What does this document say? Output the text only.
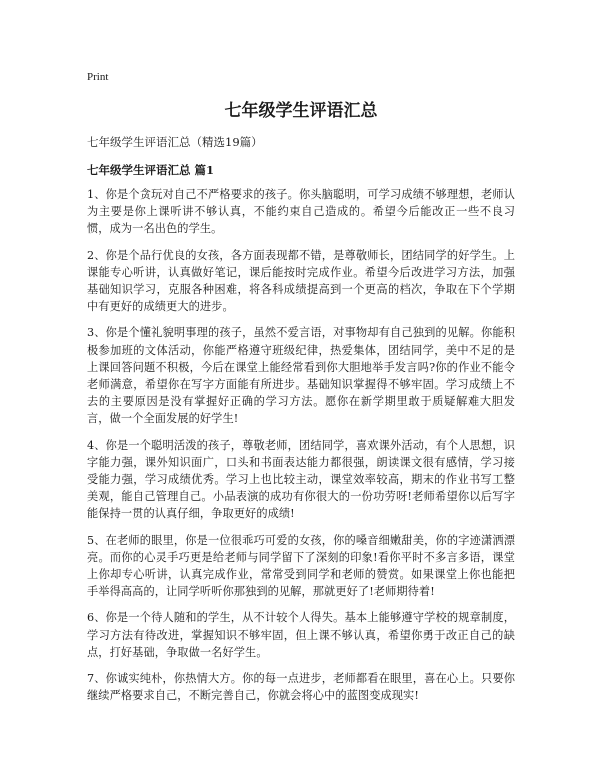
Print

七年级学生评语汇总

七年级学生评语汇总（精选19篇）

七年级学生评语汇总 篇1

1、你是个贪玩对自己不严格要求的孩子。你头脑聪明，可学习成绩不够理想，老师认为主要是你上课听讲不够认真，不能约束自己造成的。希望今后能改正一些不良习惯，成为一名出色的学生。

2、你是个品行优良的女孩，各方面表现都不错，是尊敬师长，团结同学的好学生。上课能专心听讲，认真做好笔记，课后能按时完成作业。希望今后改进学习方法，加强基础知识学习，克服各种困难，将各科成绩提高到一个更高的档次，争取在下个学期中有更好的成绩更大的进步。

3、你是个懂礼貌明事理的孩子，虽然不爱言语，对事物却有自己独到的见解。你能积极参加班的文体活动，你能严格遵守班级纪律，热爱集体，团结同学，美中不足的是上课回答问题不积极，今后在课堂上能经常看到你大胆地举手发言吗?你的作业不能令老师满意，希望你在写字方面能有所进步。基础知识掌握得不够牢固。学习成绩上不去的主要原因是没有掌握好正确的学习方法。愿你在新学期里敢于质疑解难大胆发言，做一个全面发展的好学生!

4、你是一个聪明活泼的孩子，尊敬老师，团结同学，喜欢课外活动，有个人思想，识字能力强，课外知识面广，口头和书面表达能力都很强，朗读课文很有感情，学习接受能力强，学习成绩优秀。学习上也比较主动，课堂效率较高，期末的作业书写工整美观，能自己管理自己。小品表演的成功有你很大的一份功劳呀!老师希望你以后写字能保持一贯的认真仔细，争取更好的成绩!

5、在老师的眼里，你是一位很乖巧可爱的女孩，你的嗓音细嫩甜美，你的字迹潇洒漂亮。而你的心灵手巧更是给老师与同学留下了深刻的印象!看你平时不多言多语，课堂上你却专心听讲，认真完成作业，常常受到同学和老师的赞赏。如果课堂上你也能把手举得高高的，让同学听听你那独到的见解，那就更好了!老师期待着!

6、你是一个待人随和的学生，从不计较个人得失。基本上能够遵守学校的规章制度，学习方法有待改进，掌握知识不够牢固，但上课不够认真，希望你勇于改正自己的缺点，打好基础，争取做一名好学生。

7、你诚实纯朴，你热情大方。你的每一点进步，老师都看在眼里，喜在心上。只要你继续严格要求自己，不断完善自己，你就会将心中的蓝图变成现实!
